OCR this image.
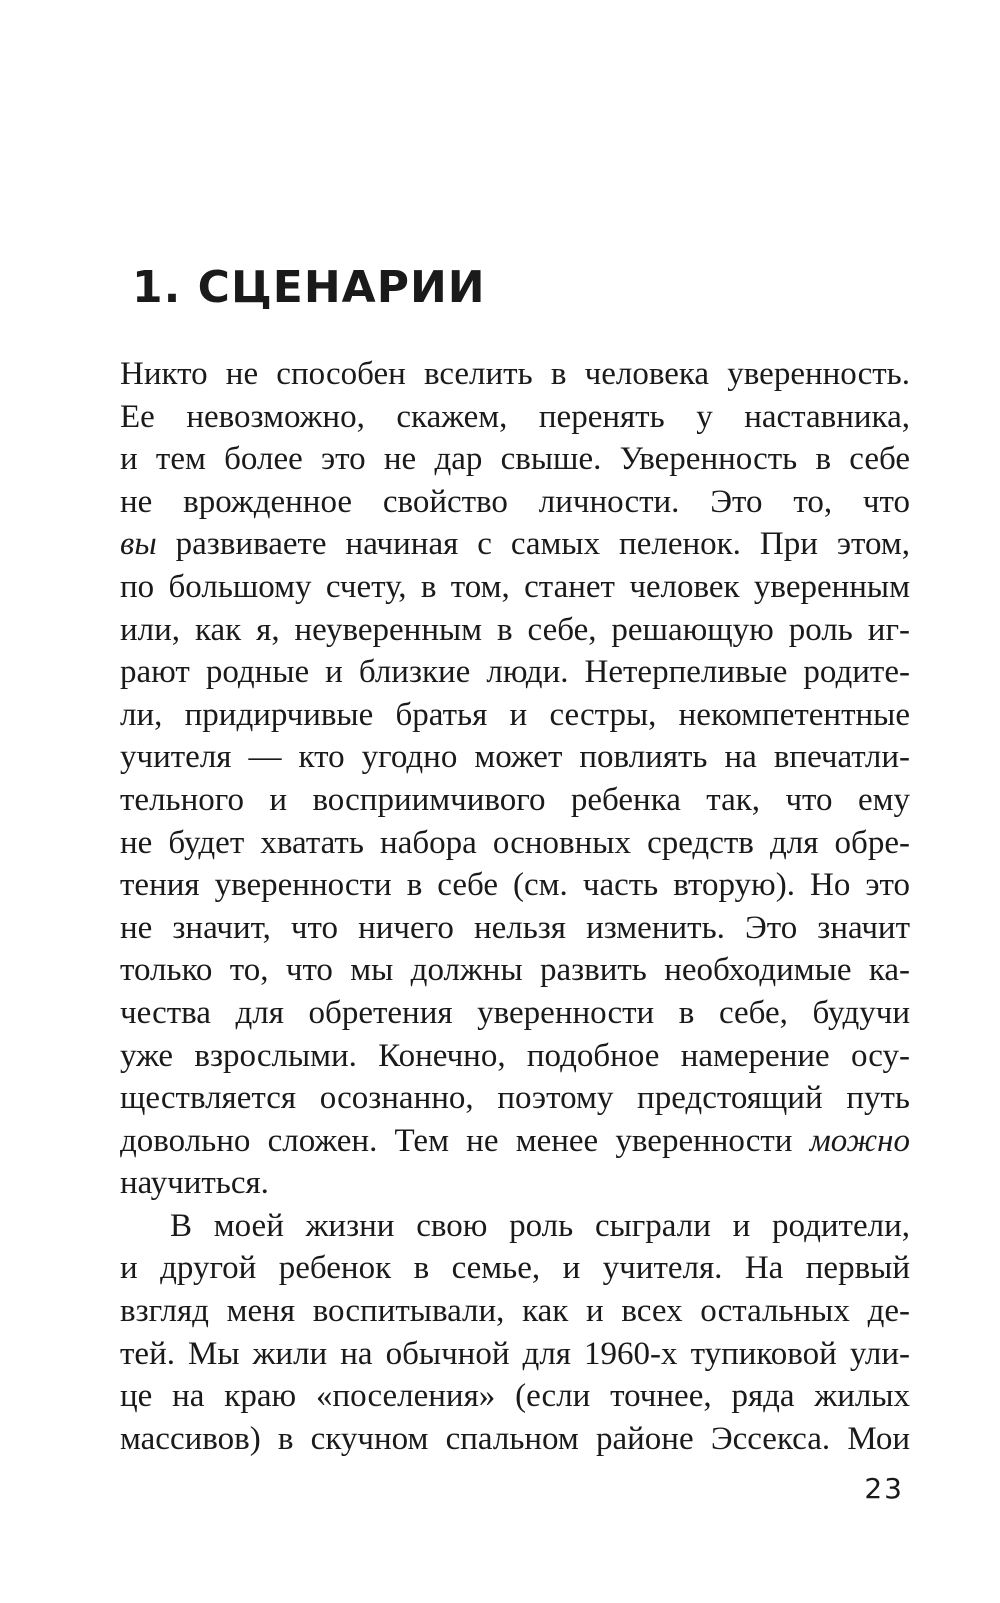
1. СЦЕНАРИИ
Никто не способен вселить в человека уверенность.
Ее невозможно, скажем, перенять у наставника,
и тем более это не дар свыше. Уверенность в себе
не врожденное свойство личности. Это то, что
вы развиваете начиная с самых пеленок. При этом,
по большому счету, в том, станет человек уверенным
или, как я, неуверенным в себе, решающую роль иг-
рают родные и близкие люди. Нетерпеливые родите-
ли, придирчивые братья и сестры, некомпетентные
учителя — кто угодно может повлиять на впечатли-
тельного и восприимчивого ребенка так, что ему
не будет хватать набора основных средств для обре-
тения уверенности в себе (см. часть вторую). Но это
не значит, что ничего нельзя изменить. Это значит
только то, что мы должны развить необходимые ка-
чества для обретения уверенности в себе, будучи
уже взрослыми. Конечно, подобное намерение осу-
ществляется осознанно, поэтому предстоящий путь
довольно сложен. Тем не менее уверенности можно
научиться.
В моей жизни свою роль сыграли и родители,
и другой ребенок в семье, и учителя. На первый
взгляд меня воспитывали, как и всех остальных де-
тей. Мы жили на обычной для 1960-х тупиковой ули-
це на краю «поселения» (если точнее, ряда жилых
массивов) в скучном спальном районе Эссекса. Мои
23
